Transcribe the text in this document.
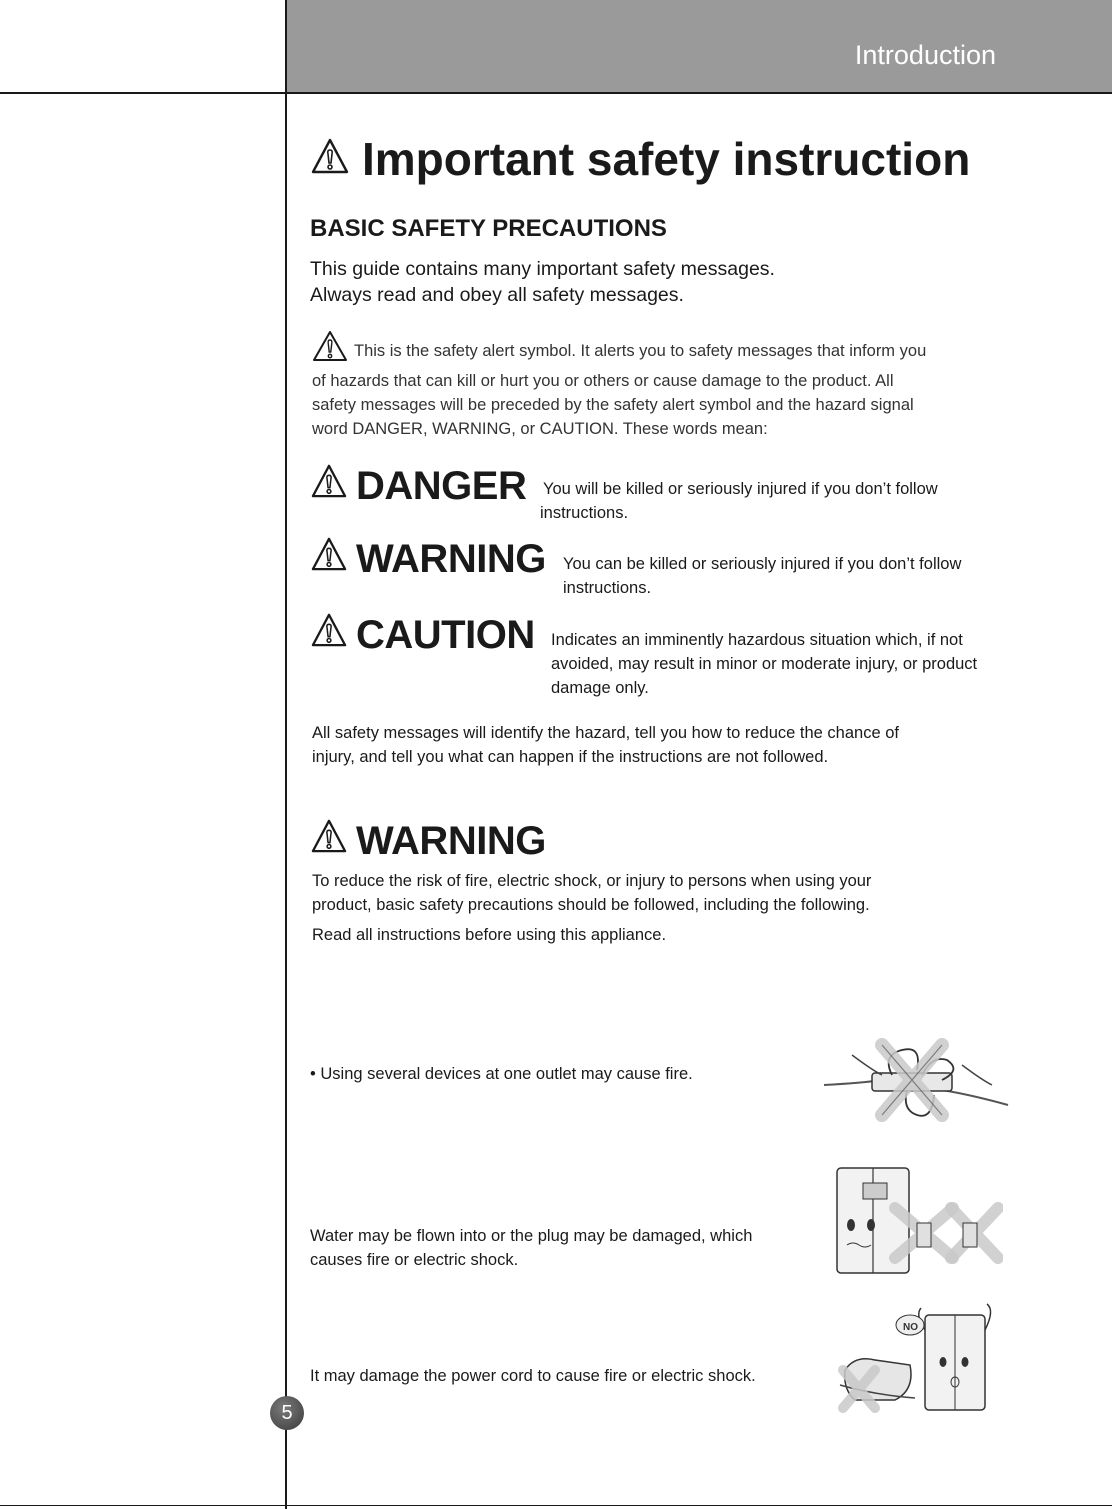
Introduction
Important safety instruction
BASIC SAFETY PRECAUTIONS
This guide contains many important safety messages.
Always read and obey all safety messages.
This is the safety alert symbol. It alerts you to safety messages that inform you
of hazards that can kill or hurt you or others or cause damage to the product. All
safety messages will be preceded by the safety alert symbol and the hazard signal
word DANGER, WARNING, or CAUTION. These words mean:
DANGER You will be killed or seriously injured if you don’t follow
instructions.
WARNING You can be killed or seriously injured if you don’t follow
instructions.
CAUTION Indicates an imminently hazardous situation which, if not
avoided, may result in minor or moderate injury, or product
damage only.
All safety messages will identify the hazard, tell you how to reduce the chance of
injury, and tell you what can happen if the instructions are not followed.
WARNING
To reduce the risk of fire, electric shock, or injury to persons when using your
product, basic safety precautions should be followed, including the following.
Read all instructions before using this appliance.
• Using several devices at one outlet may cause fire.
Water may be flown into or the plug may be damaged, which
causes fire or electric shock.
It may damage the power cord to cause fire or electric shock.
NO
5
